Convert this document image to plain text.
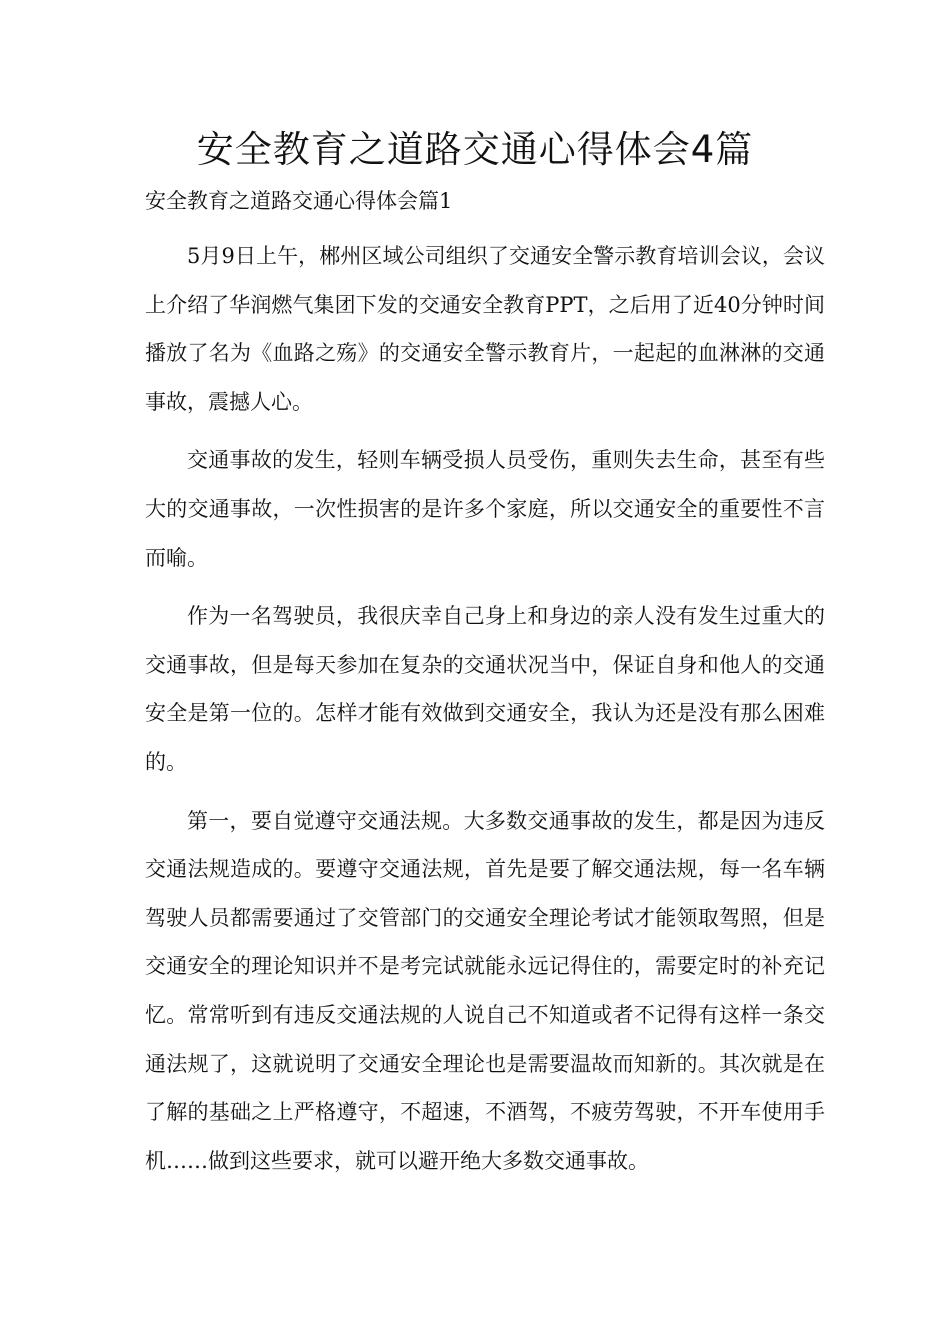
安全教育之道路交通心得体会4篇
安全教育之道路交通心得体会篇1

5月9日上午，郴州区域公司组织了交通安全警示教育培训会议，会议上介绍了华润燃气集团下发的交通安全教育PPT，之后用了近40分钟时间播放了名为《血路之殇》的交通安全警示教育片，一起起的血淋淋的交通事故，震撼人心。

交通事故的发生，轻则车辆受损人员受伤，重则失去生命，甚至有些大的交通事故，一次性损害的是许多个家庭，所以交通安全的重要性不言而喻。

作为一名驾驶员，我很庆幸自己身上和身边的亲人没有发生过重大的交通事故，但是每天参加在复杂的交通状况当中，保证自身和他人的交通安全是第一位的。怎样才能有效做到交通安全，我认为还是没有那么困难的。

第一，要自觉遵守交通法规。大多数交通事故的发生，都是因为违反交通法规造成的。要遵守交通法规，首先是要了解交通法规，每一名车辆驾驶人员都需要通过了交管部门的交通安全理论考试才能领取驾照，但是交通安全的理论知识并不是考完试就能永远记得住的，需要定时的补充记忆。常常听到有违反交通法规的人说自己不知道或者不记得有这样一条交通法规了，这就说明了交通安全理论也是需要温故而知新的。其次就是在了解的基础之上严格遵守，不超速，不酒驾，不疲劳驾驶，不开车使用手机……做到这些要求，就可以避开绝大多数交通事故。
